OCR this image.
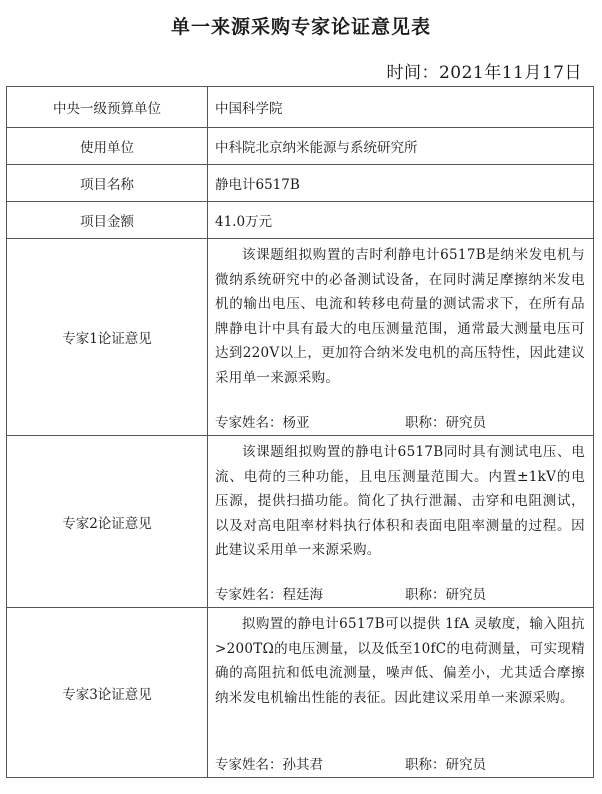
单一来源采购专家论证意见表
时间：2021年11月17日
中央一级预算单位	中国科学院
使用单位	中科院北京纳米能源与系统研究所
项目名称	静电计6517B
项目金额	41.0万元
专家1论证意见	该课题组拟购置的吉时利静电计6517B是纳米发电机与微纳系统研究中的必备测试设备，在同时满足摩擦纳米发电机的输出电压、电流和转移电荷量的测试需求下，在所有品牌静电计中具有最大的电压测量范围，通常最大测量电压可达到220V以上，更加符合纳米发电机的高压特性，因此建议采用单一来源采购。
专家姓名：杨亚 职称：研究员

专家2论证意见	该课题组拟购置的静电计6517B同时具有测试电压、电流、电荷的三种功能，且电压测量范围大。内置±1kV的电压源，提供扫描功能。简化了执行泄漏、击穿和电阻测试，以及对高电阻率材料执行体积和表面电阻率测量的过程。因此建议采用单一来源采购。
专家姓名：程廷海 职称：研究员

专家3论证意见	拟购置的静电计6517B可以提供 1fA 灵敏度，输入阻抗 >200TΩ的电压测量，以及低至10fC的电荷测量，可实现精确的高阻抗和低电流测量，噪声低、偏差小，尤其适合摩擦纳米发电机输出性能的表征。因此建议采用单一来源采购。
专家姓名：孙其君 职称：研究员
